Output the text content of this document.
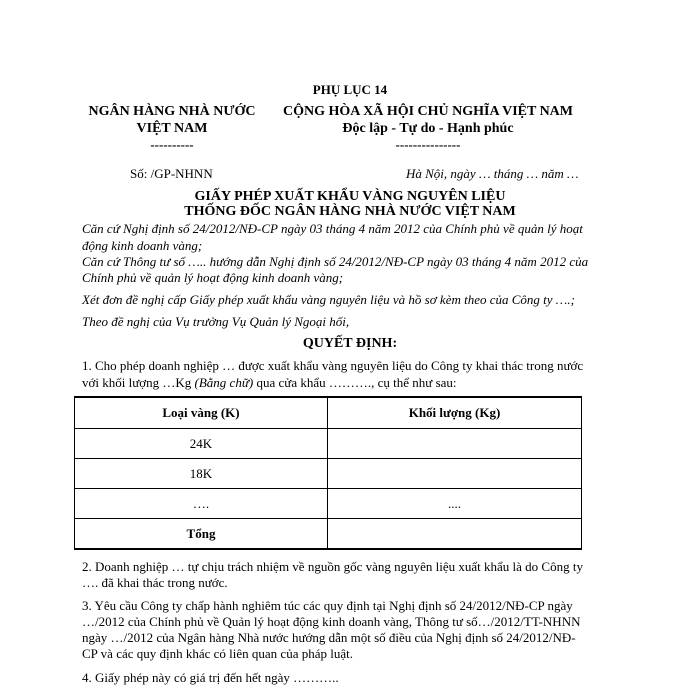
PHỤ LỤC 14
NGÂN HÀNG NHÀ NƯỚC
VIỆT NAM
----------
CỘNG HÒA XÃ HỘI CHỦ NGHĨA VIỆT NAM
Độc lập - Tự do - Hạnh phúc
---------------
Số: /GP-NHNN	Hà Nội, ngày … tháng … năm …
GIẤY PHÉP XUẤT KHẨU VÀNG NGUYÊN LIỆU
THỐNG ĐỐC NGÂN HÀNG NHÀ NƯỚC VIỆT NAM
Căn cứ Nghị định số 24/2012/NĐ-CP ngày 03 tháng 4 năm 2012 của Chính phủ về quản lý hoạt
động kinh doanh vàng;
Căn cứ Thông tư số ….. hướng dẫn Nghị định số 24/2012/NĐ-CP ngày 03 tháng 4 năm 2012 của
Chính phủ về quản lý hoạt động kinh doanh vàng;
Xét đơn đề nghị cấp Giấy phép xuất khẩu vàng nguyên liệu và hồ sơ kèm theo của Công ty ….;
Theo đề nghị của Vụ trưởng Vụ Quản lý Ngoại hối,
QUYẾT ĐỊNH:
1. Cho phép doanh nghiệp … được xuất khẩu vàng nguyên liệu do Công ty khai thác trong nước
với khối lượng …Kg (Bằng chữ) qua cửa khẩu ………., cụ thể như sau:
Loại vàng (K)	Khối lượng (Kg)
24K	
18K	
….	....
Tổng	
2. Doanh nghiệp … tự chịu trách nhiệm về nguồn gốc vàng nguyên liệu xuất khẩu là do Công ty
…. đã khai thác trong nước.
3. Yêu cầu Công ty chấp hành nghiêm túc các quy định tại Nghị định số 24/2012/NĐ-CP ngày
…/2012 của Chính phủ về Quản lý hoạt động kinh doanh vàng, Thông tư số…/2012/TT-NHNN
ngày …/2012 của Ngân hàng Nhà nước hướng dẫn một số điều của Nghị định số 24/2012/NĐ-
CP và các quy định khác có liên quan của pháp luật.
4. Giấy phép này có giá trị đến hết ngày ………..
